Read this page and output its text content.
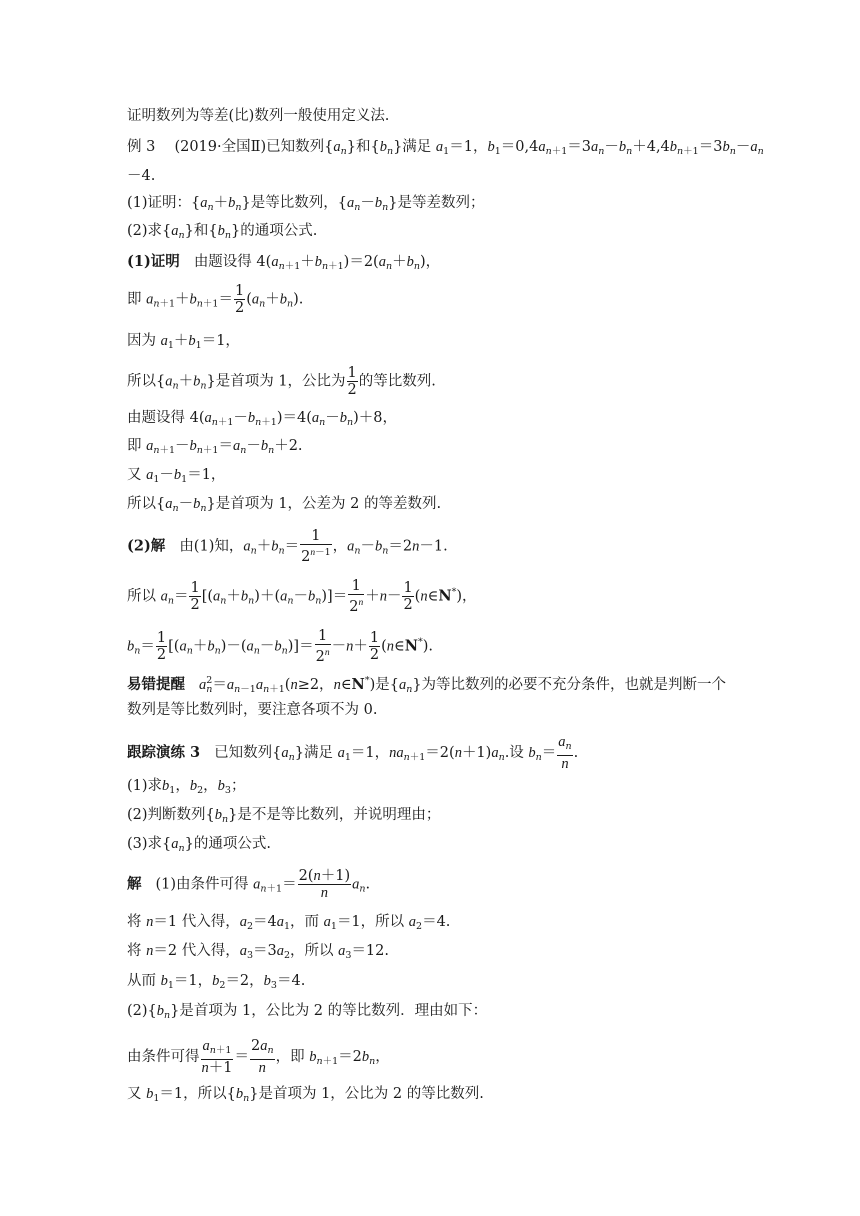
证明数列为等差(比)数列一般使用定义法.
例 3　 (2019·全国Ⅱ)已知数列$\{a_n\}$和$\{b_n\}$满足 $a_1=1$，$b_1=0,4a_{n+1}=3a_n-b_n+4,4b_{n+1}=3b_n-a_n$
－4.
(1)证明：$\{a_n+b_n\}$是等比数列，$\{a_n-b_n\}$是等差数列；
(2)求$\{a_n\}$和$\{b_n\}$的通项公式.
(1)证明 由题设得 $4(a_{n+1}+b_{n+1})=2(a_n+b_n)$，
即 $a_{n+1}+b_{n+1}= \frac{1}{2} (a_n+b_n)$.
因为 $a_1+b_1=1$，
所以$\{a_n+b_n\}$是首项为 1，公比为 $\frac{1}{2}$ 的等比数列.
由题设得 $4(a_{n+1}-b_{n+1})=4(a_n-b_n)+8$，
即 $a_{n+1}-b_{n+1}=a_n-b_n+2$.
又 $a_1-b_1=1$，
所以$\{a_n-b_n\}$是首项为 1，公差为 2 的等差数列.
(2)解 由(1)知，$a_n+b_n= \frac{1}{2^{n-1}}$ ，$a_n-b_n=2n-1$.
所以 $a_n= \frac{1}{2} [(a_n+b_n)+(a_n-b_n)]= \frac{1}{2^n} +n- \frac{1}{2}$ (n∈N*)，
$b_n= \frac{1}{2} [(a_n+b_n)-(a_n-b_n)]= \frac{1}{2^n} -n+ \frac{1}{2}$ (n∈N*).
易错提醒 $a^2_n=a_{n-1}a_{n+1}(n\ge 2$，n∈N*)是$\{a_n\}$为等比数列的必要不充分条件，也就是判断一个
数列是等比数列时，要注意各项不为 0.
跟踪演练 3 已知数列$\{a_n\}$满足 $a_1=1$，$na_{n+1}=2(n+1)a_n$.设 $b_n= \frac{a_n}{n}$ .
(1)求$b_1$，$b_2$，$b_3$；
(2)判断数列$\{b_n\}$是不是等比数列，并说明理由；
(3)求$\{a_n\}$的通项公式.
解 (1)由条件可得 $a_{n+1}= \frac{2(n+1)}{n} a_n$.
将 n＝1 代入得，$a_2=4a_1$，而 $a_1=1$，所以 $a_2=4$.
将 n＝2 代入得，$a_3=3a_2$，所以 $a_3=12$.
从而 $b_1=1$，$b_2=2$，$b_3=4$.
$(2)\{b_n\}$是首项为 1，公比为 2 的等比数列．理由如下：
由条件可得 $\frac{a_{n+1}}{n+1} = \frac{2a_n}{n}$ ，即 $b_{n+1}=2b_n$，
又 $b_1=1$，所以$\{b_n\}$是首项为 1，公比为 2 的等比数列.
